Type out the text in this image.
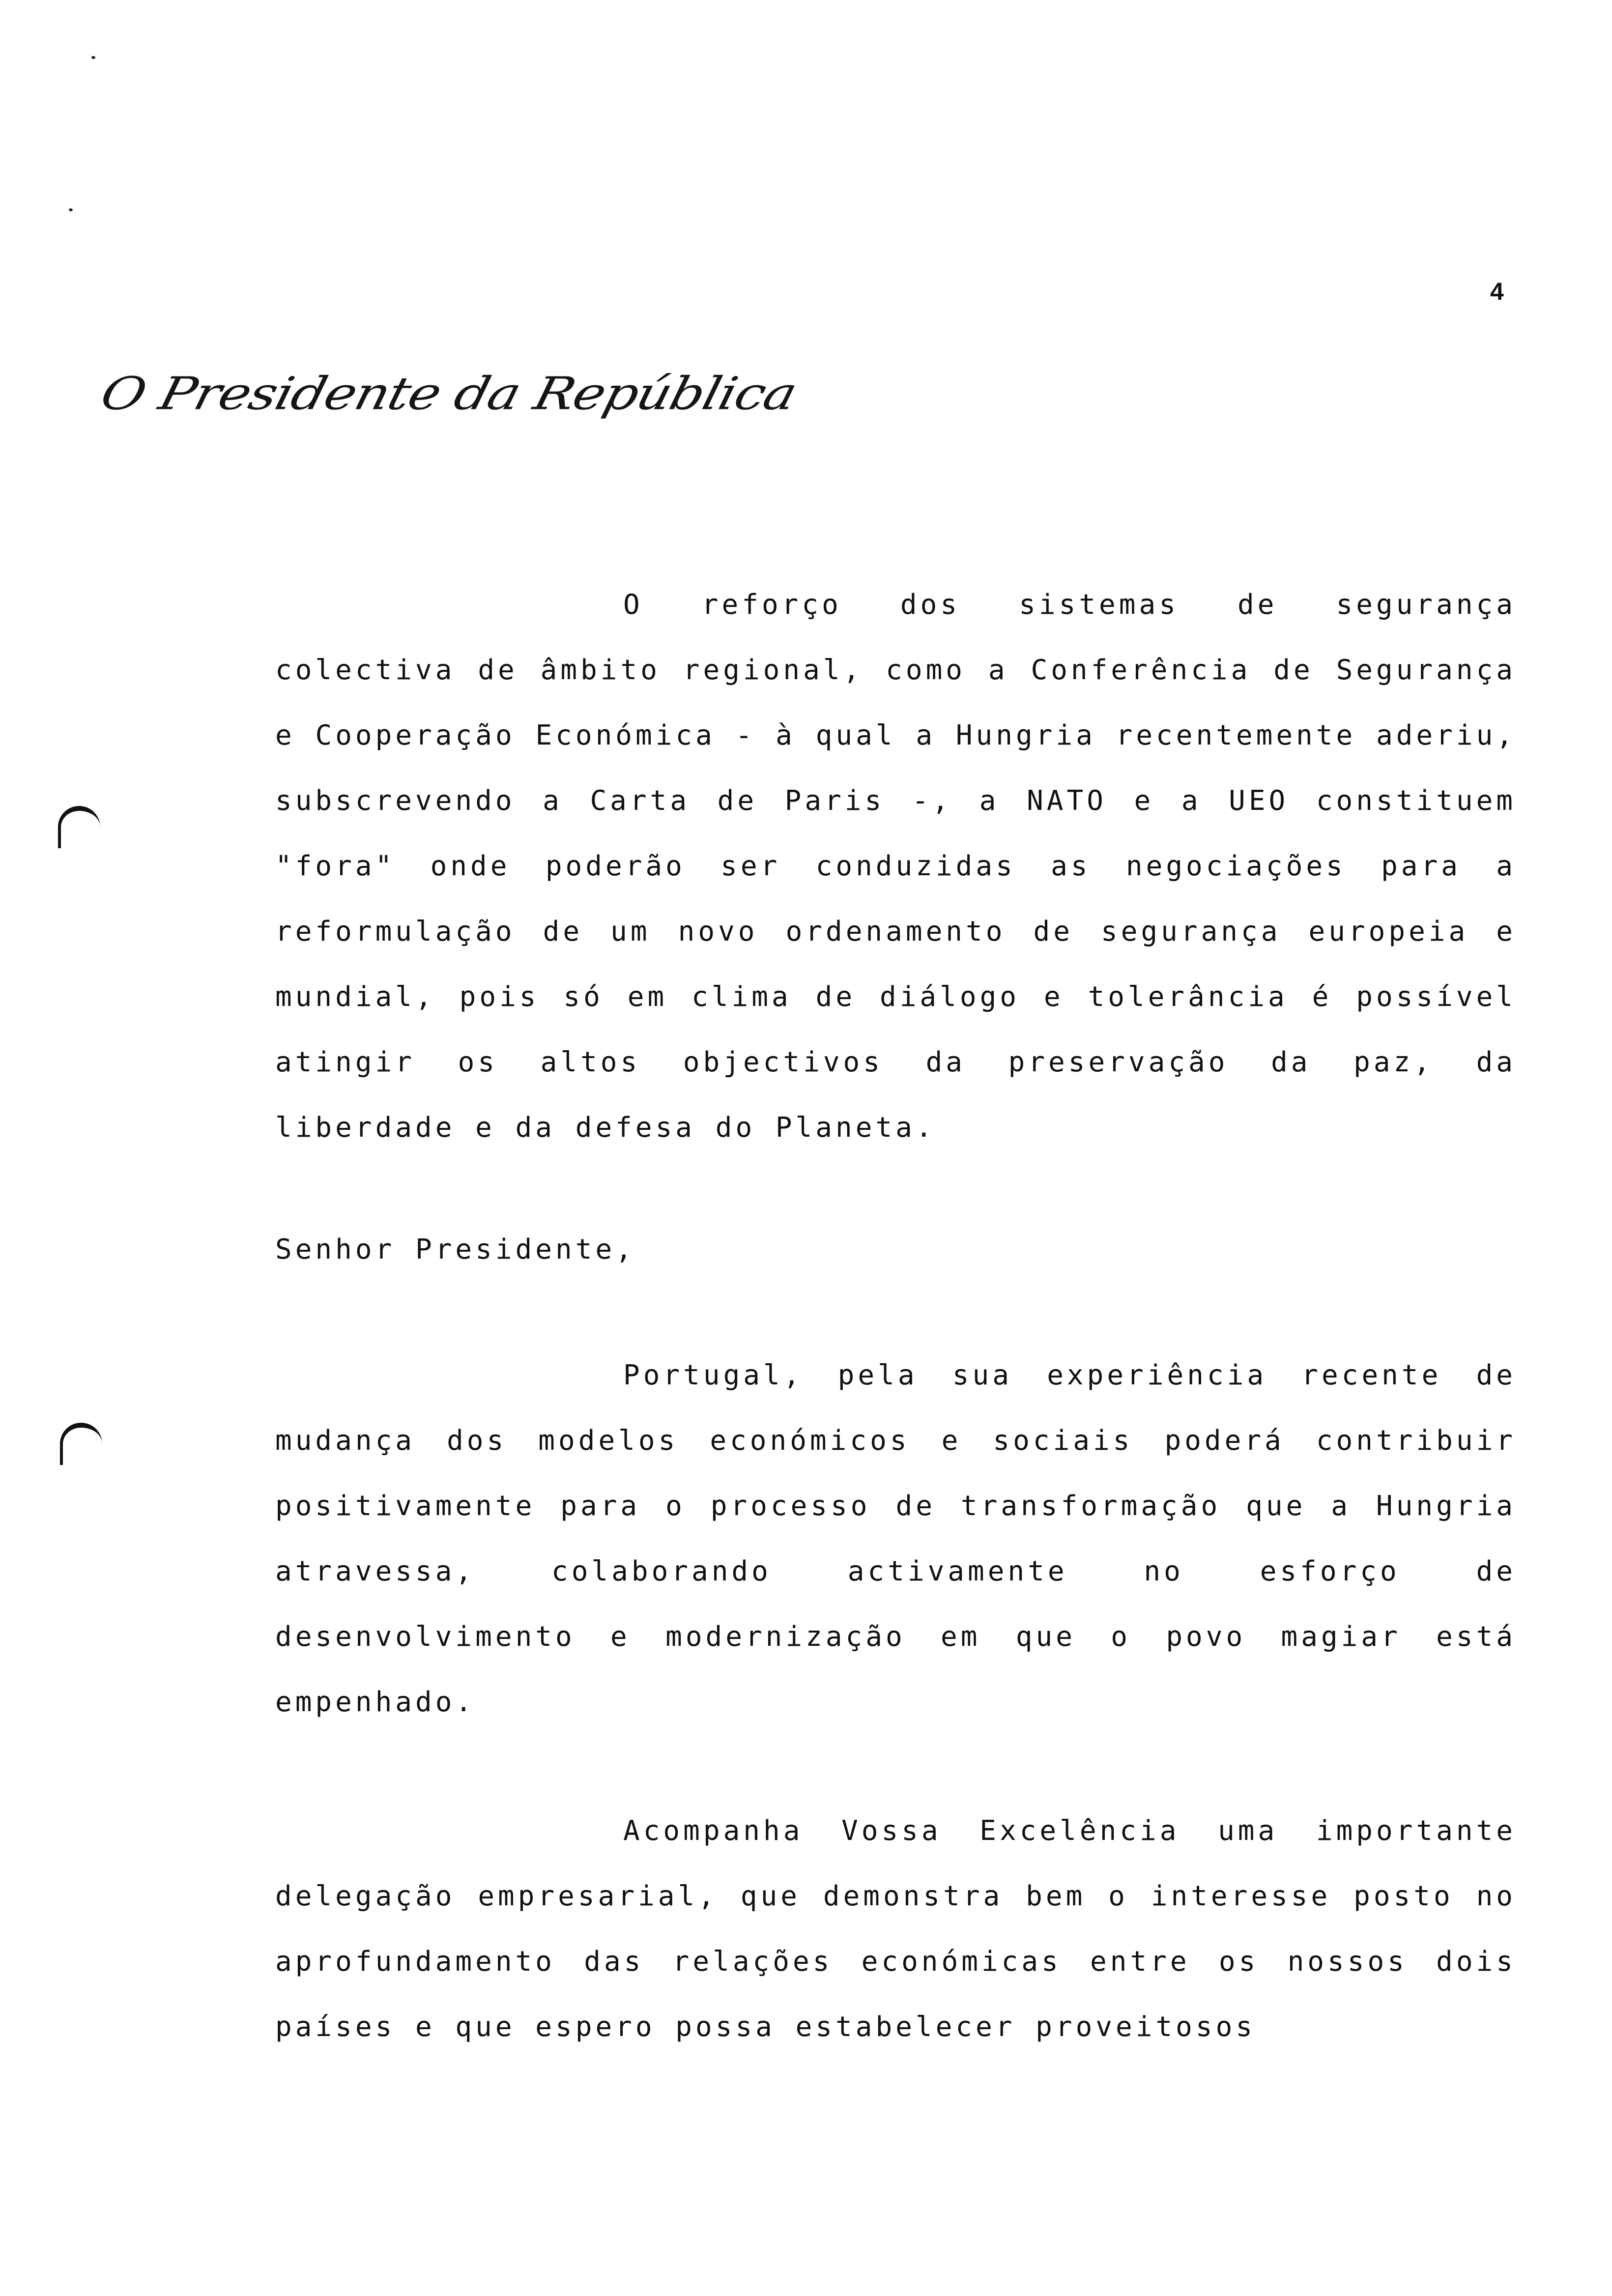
4
O Presidente da República

O reforço dos sistemas de segurança colectiva de âmbito regional, como a Conferência de Segurança e Cooperação Económica - à qual a Hungria recentemente aderiu, subscrevendo a Carta de Paris -, a NATO e a UEO constituem "fora" onde poderão ser conduzidas as negociações para a reformulação de um novo ordenamento de segurança europeia e mundial, pois só em clima de diálogo e tolerância é possível atingir os altos objectivos da preservação da paz, da liberdade e da defesa do Planeta.

Senhor Presidente,

Portugal, pela sua experiência recente de mudança dos modelos económicos e sociais poderá contribuir positivamente para o processo de transformação que a Hungria atravessa, colaborando activamente no esforço de desenvolvimento e modernização em que o povo magiar está empenhado.

Acompanha Vossa Excelência uma importante delegação empresarial, que demonstra bem o interesse posto no aprofundamento das relações económicas entre os nossos dois países e que espero possa estabelecer proveitosos
